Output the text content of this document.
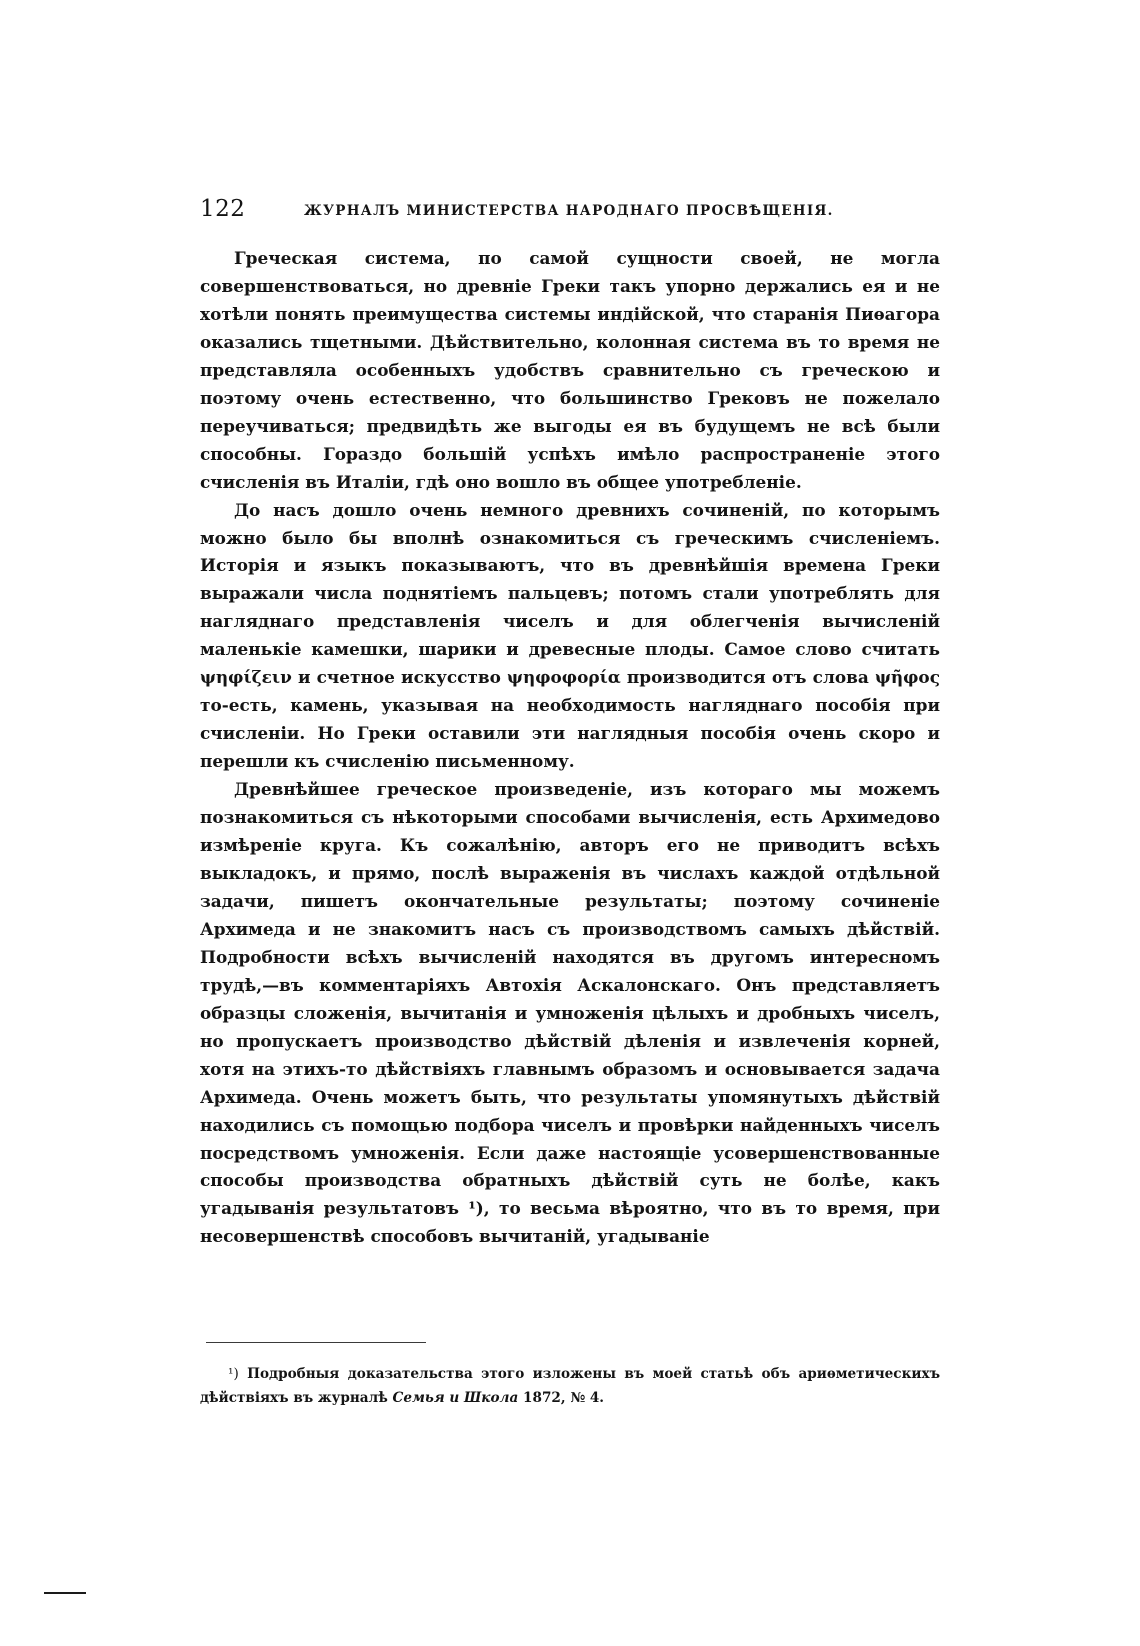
122	ЖУРНАЛЪ МИНИСТЕРСТВА НАРОДНАГО ПРОСВѢЩЕНІЯ.

Греческая система, по самой сущности своей, не могла совершенствоваться, но древніе Греки такъ упорно держались ея и не хотѣли понять преимущества системы индійской, что старанія Пиѳагора оказались тщетными. Дѣйствительно, колонная система въ то время не представляла особенныхъ удобствъ сравнительно съ греческою и поэтому очень естественно, что большинство Грековъ не пожелало переучиваться; предвидѣть же выгоды ея въ будущемъ не всѣ были способны. Гораздо большій успѣхъ имѣло распространеніе этого счисленія въ Италіи, гдѣ оно вошло въ общее употребленіе.

До насъ дошло очень немного древнихъ сочиненій, по которымъ можно было бы вполнѣ ознакомиться съ греческимъ счисленіемъ. Исторія и языкъ показываютъ, что въ древнѣйшія времена Греки выражали числа поднятіемъ пальцевъ; потомъ стали употреблять для нагляднаго представленія чиселъ и для облегченія вычисленій маленькіе камешки, шарики и древесные плоды. Самое слово считать ψηφίζειν и счетное искусство ψηφοφορία производится отъ слова ψῆφος то-есть, камень, указывая на необходимость нагляднаго пособія при счисленіи. Но Греки оставили эти наглядныя пособія очень скоро и перешли къ счисленію письменному.

Древнѣйшее греческое произведеніе, изъ котораго мы можемъ познакомиться съ нѣкоторыми способами вычисленія, есть Архимедово измѣреніе круга. Къ сожалѣнію, авторъ его не приводитъ всѣхъ выкладокъ, и прямо, послѣ выраженія въ числахъ каждой отдѣльной задачи, пишетъ окончательные результаты; поэтому сочиненіе Архимеда и не знакомитъ насъ съ производствомъ самыхъ дѣйствій. Подробности всѣхъ вычисленій находятся въ другомъ интересномъ трудѣ,—въ комментаріяхъ Автохія Аскалонскаго. Онъ представляетъ образцы сложенія, вычитанія и умноженія цѣлыхъ и дробныхъ чиселъ, но пропускаетъ производство дѣйствій дѣленія и извлеченія корней, хотя на этихъ-то дѣйствіяхъ главнымъ образомъ и основывается задача Архимеда. Очень можетъ быть, что результаты упомянутыхъ дѣйствій находились съ помощью подбора чиселъ и провѣрки найденныхъ чиселъ посредствомъ умноженія. Если даже настоящіе усовершенствованные способы производства обратныхъ дѣйствій суть не болѣе, какъ угадыванія результатовъ ¹), то весьма вѣроятно, что въ то время, при несовершенствѣ способовъ вычитаній, угадываніе

¹) Подробныя доказательства этого изложены въ моей статьѣ объ ариѳметическихъ дѣйствіяхъ въ журналѣ Семья и Школа 1872, № 4.
